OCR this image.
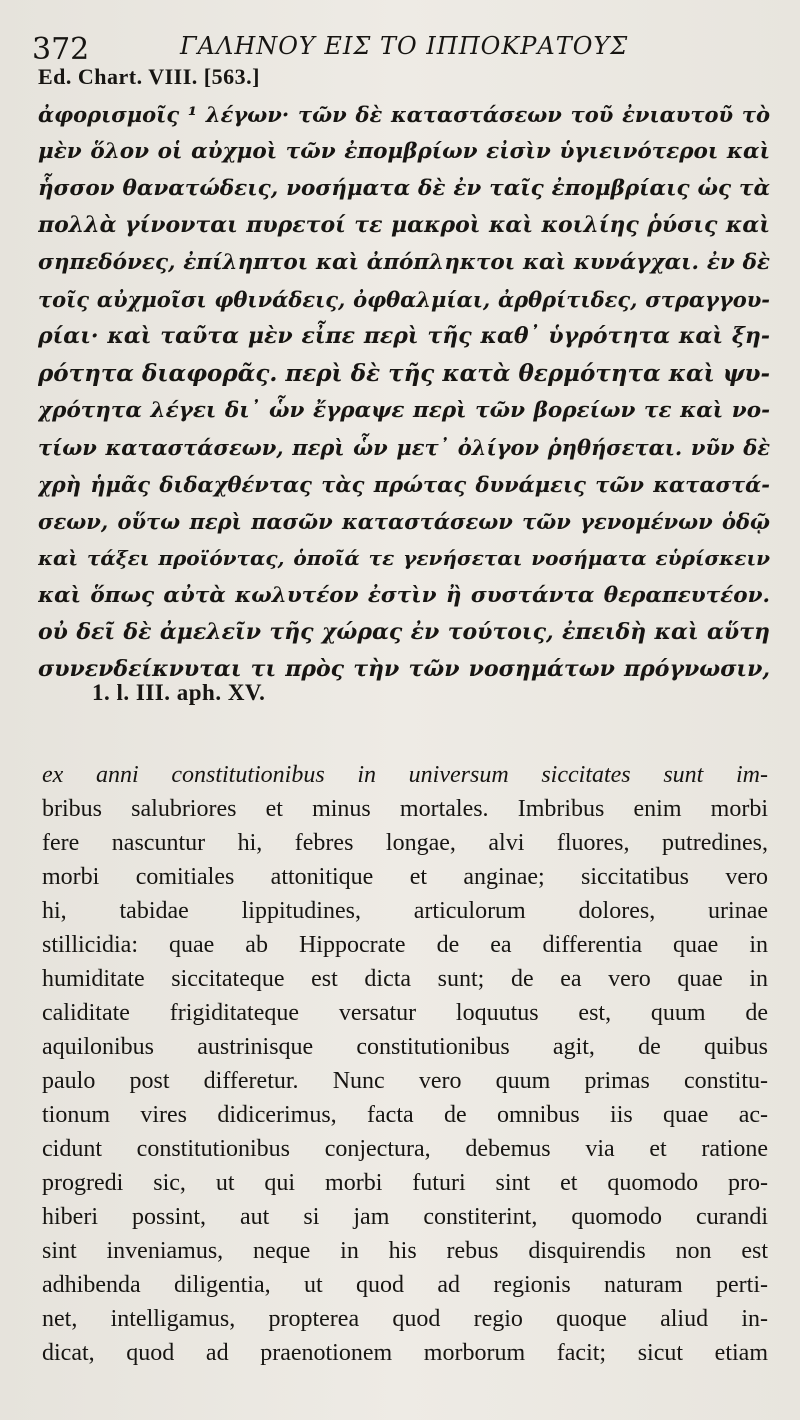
372	ΓΑΛΗΝΟΥ ΕΙΣ ΤΟ ΙΠΠΟΚΡΑΤΟΥΣ
Ed. Chart. VIII. [563.]
ἀφορισμοῖς ¹ λέγων· τῶν δὲ καταστάσεων τοῦ ἐνιαυτοῦ τὸ
μὲν ὅλον οἱ αὐχμοὶ τῶν ἐπομβρίων εἰσὶν ὑγιεινότεροι καὶ
ἧσσον θανατώδεις, νοσήματα δὲ ἐν ταῖς ἐπομβρίαις ὡς τὰ
πολλὰ γίνονται πυρετοί τε μακροὶ καὶ κοιλίης ῥύσις καὶ
σηπεδόνες, ἐπίληπτοι καὶ ἀπόπληκτοι καὶ κυνάγχαι. ἐν δὲ
τοῖς αὐχμοῖσι φθινάδεις, ὀφθαλμίαι, ἀρθρίτιδες, στραγγου-
ρίαι· καὶ ταῦτα μὲν εἶπε περὶ τῆς καθ᾽ ὑγρότητα καὶ ξη-
ρότητα διαφορᾶς. περὶ δὲ τῆς κατὰ θερμότητα καὶ ψυ-
χρότητα λέγει δι᾽ ὧν ἔγραψε περὶ τῶν βορείων τε καὶ νο-
τίων καταστάσεων, περὶ ὧν μετ᾽ ὀλίγον ῥηθήσεται. νῦν δὲ
χρὴ ἡμᾶς διδαχθέντας τὰς πρώτας δυνάμεις τῶν καταστά-
σεων, οὕτω περὶ πασῶν καταστάσεων τῶν γενομένων ὁδῷ
καὶ τάξει προϊόντας, ὁποῖά τε γενήσεται νοσήματα εὑρίσκειν
καὶ ὅπως αὐτὰ κωλυτέον ἐστὶν ἢ συστάντα θεραπευτέον.
οὐ δεῖ δὲ ἀμελεῖν τῆς χώρας ἐν τούτοις, ἐπειδὴ καὶ αὕτη
συνενδείκνυται τι πρὸς τὴν τῶν νοσημάτων πρόγνωσιν,
1. l. III. aph. XV.
ex anni constitutionibus in universum siccitates sunt im-
bribus salubriores et minus mortales. Imbribus enim morbi
fere nascuntur hi, febres longae, alvi fluores, putredines,
morbi comitiales attonitique et anginae; siccitatibus vero
hi, tabidae lippitudines, articulorum dolores, urinae
stillicidia: quae ab Hippocrate de ea differentia quae in
humiditate siccitateque est dicta sunt; de ea vero quae in
caliditate frigiditateque versatur loquutus est, quum de
aquilonibus austrinisque constitutionibus agit, de quibus
paulo post differetur. Nunc vero quum primas constitu-
tionum vires didicerimus, facta de omnibus iis quae ac-
cidunt constitutionibus conjectura, debemus via et ratione
progredi sic, ut qui morbi futuri sint et quomodo pro-
hiberi possint, aut si jam constiterint, quomodo curandi
sint inveniamus, neque in his rebus disquirendis non est
adhibenda diligentia, ut quod ad regionis naturam perti-
net, intelligamus, propterea quod regio quoque aliud in-
dicat, quod ad praenotionem morborum facit; sicut etiam
